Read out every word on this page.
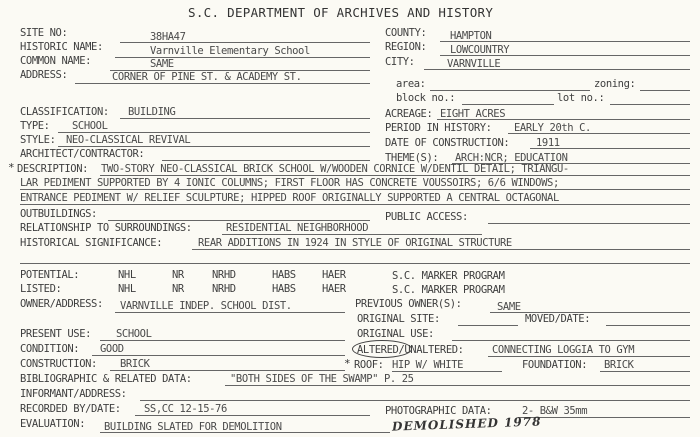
S.C. DEPARTMENT OF ARCHIVES AND HISTORY
SITE NO:	38HA47	COUNTY: HAMPTON
HISTORIC NAME:	Varnville Elementary School	REGION: LOWCOUNTRY
COMMON NAME:	SAME	CITY:	VARNVILLE
ADDRESS:	CORNER OF PINE ST. & ACADEMY ST.
area:	zoning:
block no.:	lot no.:
CLASSIFICATION: BUILDING	ACREAGE: EIGHT ACRES
TYPE: SCHOOL	PERIOD IN HISTORY: EARLY 20th C.
STYLE: NEO-CLASSICAL REVIVAL	DATE OF CONSTRUCTION:	1911
ARCHITECT/CONTRACTOR:	THEME(S): ARCH:NCR; EDUCATION
* DESCRIPTION: TWO-STORY NEO-CLASSICAL BRICK SCHOOL W/WOODEN CORNICE W/DENTIL DETAIL; TRIANGU-
LAR PEDIMENT SUPPORTED BY 4 IONIC COLUMNS; FIRST FLOOR HAS CONCRETE VOUSSOIRS; 6/6 WINDOWS;
ENTRANCE PEDIMENT W/ RELIEF SCULPTURE; HIPPED ROOF ORIGINALLY SUPPORTED A CENTRAL OCTAGONAL
OUTBUILDINGS:	PUBLIC ACCESS:
RELATIONSHIP TO SURROUNDINGS:	RESIDENTIAL NEIGHBORHOOD
HISTORICAL SIGNIFICANCE:	REAR ADDITIONS IN 1924 IN STYLE OF ORIGINAL STRUCTURE
POTENTIAL:	NHL	NR	NRHD	HABS	HAER	S.C. MARKER PROGRAM
LISTED:	NHL	NR	NRHD	HABS	HAER	S.C. MARKER PROGRAM
OWNER/ADDRESS: VARNVILLE INDEP. SCHOOL DIST.	PREVIOUS OWNER(S):	SAME
ORIGINAL SITE:	MOVED/DATE:
PRESENT USE: SCHOOL	ORIGINAL USE:
CONDITION: GOOD	ALTERED/UNALTERED:	CONNECTING LOGGIA TO GYM
CONSTRUCTION: BRICK	* ROOF: HIP W/ WHITE	FOUNDATION: BRICK
BIBLIOGRAPHIC & RELATED DATA:	"BOTH SIDES OF THE SWAMP" P. 25
INFORMANT/ADDRESS:
RECORDED BY/DATE: SS,CC 12-15-76	PHOTOGRAPHIC DATA:	2- B&W 35mm
EVALUATION: BUILDING SLATED FOR DEMOLITION	DEMOLISHED 1978
